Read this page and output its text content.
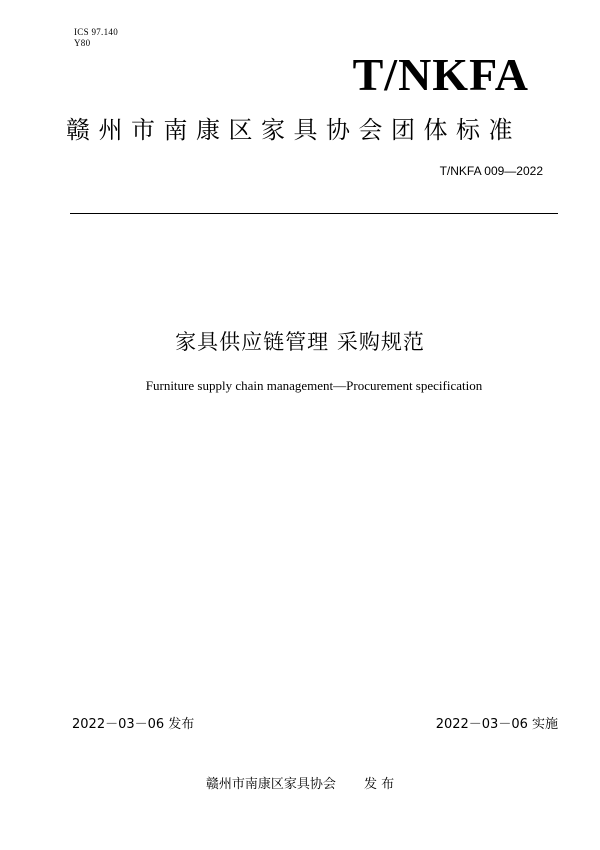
ICS 97.140
Y80
T/NKFA
赣州市南康区家具协会团体标准
T/NKFA 009—2022
家具供应链管理 采购规范
Furniture supply chain management—Procurement specification
2022－03－06 发布	2022－03－06 实施
赣州市南康区家具协会 发 布
